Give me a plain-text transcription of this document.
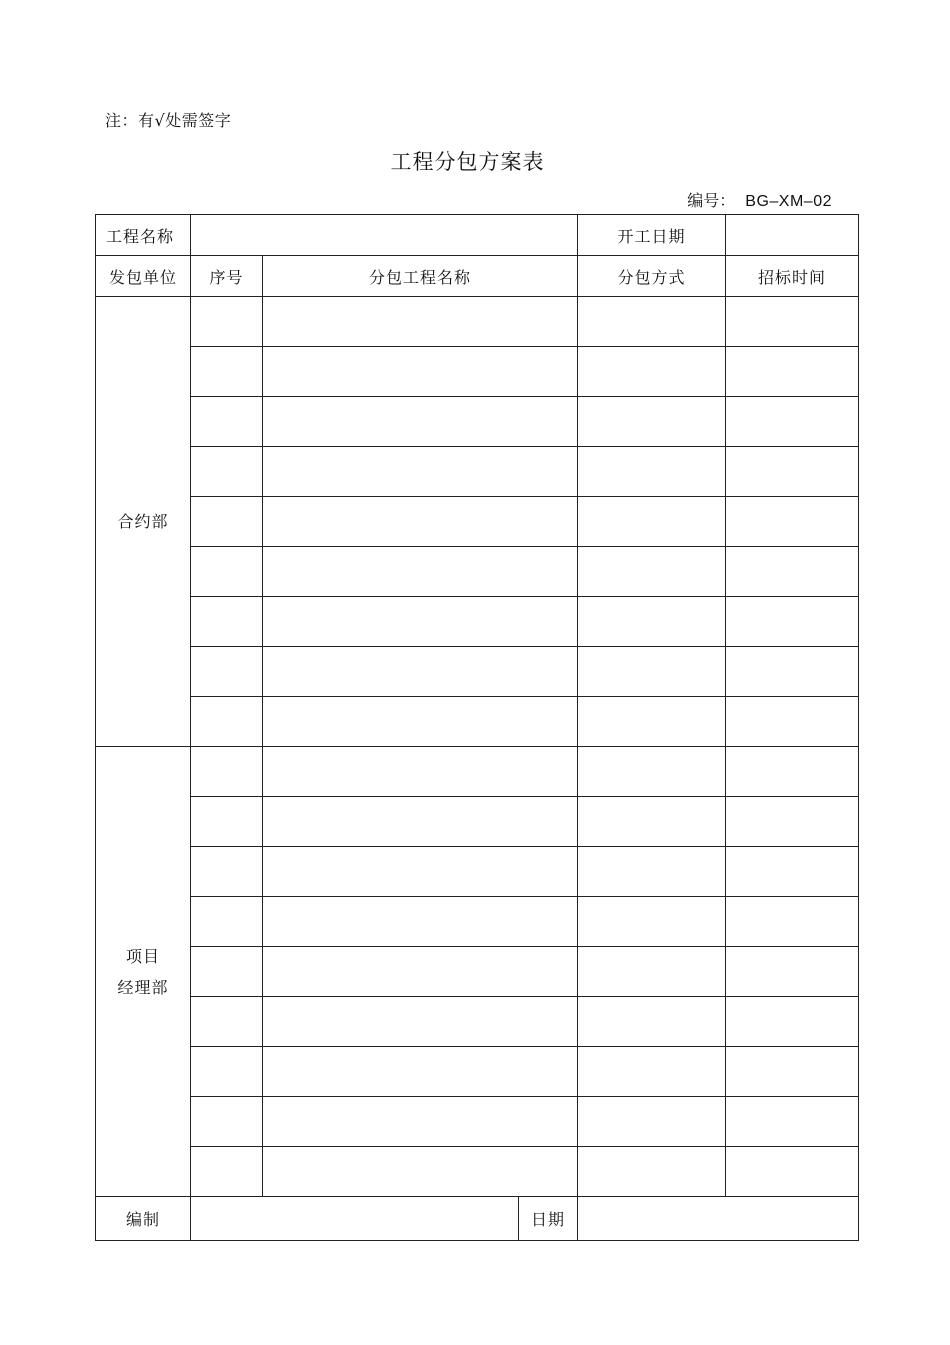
注：有√处需签字
工程分包方案表
编号： BG–XM–02
工程名称				开工日期	
发包单位	序号	分包工程名称		分包方式	招标时间

合约部					

项目
经理部					

编制			日期		
